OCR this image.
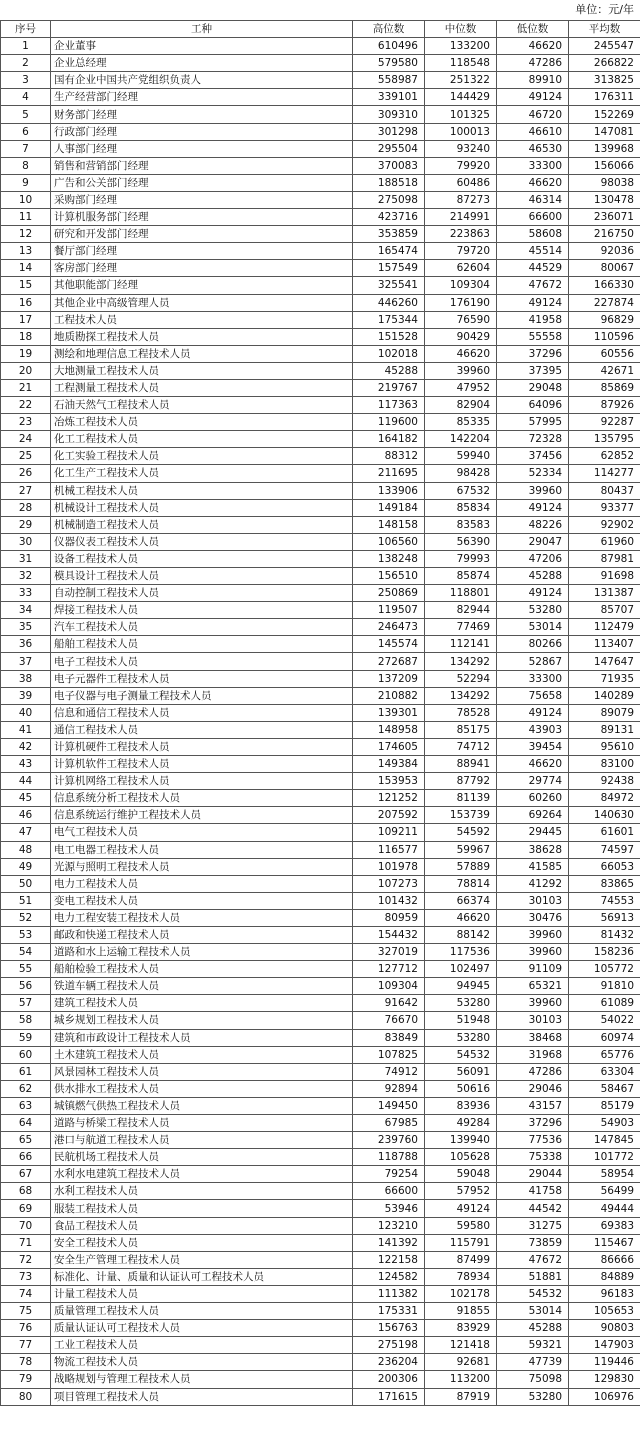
单位：元/年
序号	工种	高位数	中位数	低位数	平均数
1	企业董事	610496	133200	46620	245547
2	企业总经理	579580	118548	47286	266822
3	国有企业中国共产党组织负责人	558987	251322	89910	313825
4	生产经营部门经理	339101	144429	49124	176311
5	财务部门经理	309310	101325	46720	152269
6	行政部门经理	301298	100013	46610	147081
7	人事部门经理	295504	93240	46530	139968
8	销售和营销部门经理	370083	79920	33300	156066
9	广告和公关部门经理	188518	60486	46620	98038
10	采购部门经理	275098	87273	46314	130478
11	计算机服务部门经理	423716	214991	66600	236071
12	研究和开发部门经理	353859	223863	58608	216750
13	餐厅部门经理	165474	79720	45514	92036
14	客房部门经理	157549	62604	44529	80067
15	其他职能部门经理	325541	109304	47672	166330
16	其他企业中高级管理人员	446260	176190	49124	227874
17	工程技术人员	175344	76590	41958	96829
18	地质勘探工程技术人员	151528	90429	55558	110596
19	测绘和地理信息工程技术人员	102018	46620	37296	60556
20	大地测量工程技术人员	45288	39960	37395	42671
21	工程测量工程技术人员	219767	47952	29048	85869
22	石油天然气工程技术人员	117363	82904	64096	87926
23	冶炼工程技术人员	119600	85335	57995	92287
24	化工工程技术人员	164182	142204	72328	135795
25	化工实验工程技术人员	88312	59940	37456	62852
26	化工生产工程技术人员	211695	98428	52334	114277
27	机械工程技术人员	133906	67532	39960	80437
28	机械设计工程技术人员	149184	85834	49124	93377
29	机械制造工程技术人员	148158	83583	48226	92902
30	仪器仪表工程技术人员	106560	56390	29047	61960
31	设备工程技术人员	138248	79993	47206	87981
32	模具设计工程技术人员	156510	85874	45288	91698
33	自动控制工程技术人员	250869	118801	49124	131387
34	焊接工程技术人员	119507	82944	53280	85707
35	汽车工程技术人员	246473	77469	53014	112479
36	船舶工程技术人员	145574	112141	80266	113407
37	电子工程技术人员	272687	134292	52867	147647
38	电子元器件工程技术人员	137209	52294	33300	71935
39	电子仪器与电子测量工程技术人员	210882	134292	75658	140289
40	信息和通信工程技术人员	139301	78528	49124	89079
41	通信工程技术人员	148958	85175	43903	89131
42	计算机硬件工程技术人员	174605	74712	39454	95610
43	计算机软件工程技术人员	149384	88941	46620	83100
44	计算机网络工程技术人员	153953	87792	29774	92438
45	信息系统分析工程技术人员	121252	81139	60260	84972
46	信息系统运行维护工程技术人员	207592	153739	69264	140630
47	电气工程技术人员	109211	54592	29445	61601
48	电工电器工程技术人员	116577	59967	38628	74597
49	光源与照明工程技术人员	101978	57889	41585	66053
50	电力工程技术人员	107273	78814	41292	83865
51	变电工程技术人员	101432	66374	30103	74553
52	电力工程安装工程技术人员	80959	46620	30476	56913
53	邮政和快递工程技术人员	154432	88142	39960	81432
54	道路和水上运输工程技术人员	327019	117536	39960	158236
55	船舶检验工程技术人员	127712	102497	91109	105772
56	铁道车辆工程技术人员	109304	94945	65321	91810
57	建筑工程技术人员	91642	53280	39960	61089
58	城乡规划工程技术人员	76670	51948	30103	54022
59	建筑和市政设计工程技术人员	83849	53280	38468	60974
60	土木建筑工程技术人员	107825	54532	31968	65776
61	风景园林工程技术人员	74912	56091	47286	63304
62	供水排水工程技术人员	92894	50616	29046	58467
63	城镇燃气供热工程技术人员	149450	83936	43157	85179
64	道路与桥梁工程技术人员	67985	49284	37296	54903
65	港口与航道工程技术人员	239760	139940	77536	147845
66	民航机场工程技术人员	118788	105628	75338	101772
67	水利水电建筑工程技术人员	79254	59048	29044	58954
68	水利工程技术人员	66600	57952	41758	56499
69	服装工程技术人员	53946	49124	44542	49444
70	食品工程技术人员	123210	59580	31275	69383
71	安全工程技术人员	141392	115791	73859	115467
72	安全生产管理工程技术人员	122158	87499	47672	86666
73	标准化、计量、质量和认证认可工程技术人员	124582	78934	51881	84889
74	计量工程技术人员	111382	102178	54532	96183
75	质量管理工程技术人员	175331	91855	53014	105653
76	质量认证认可工程技术人员	156763	83929	45288	90803
77	工业工程技术人员	275198	121418	59321	147903
78	物流工程技术人员	236204	92681	47739	119446
79	战略规划与管理工程技术人员	200306	113200	75098	129830
80	项目管理工程技术人员	171615	87919	53280	106976
